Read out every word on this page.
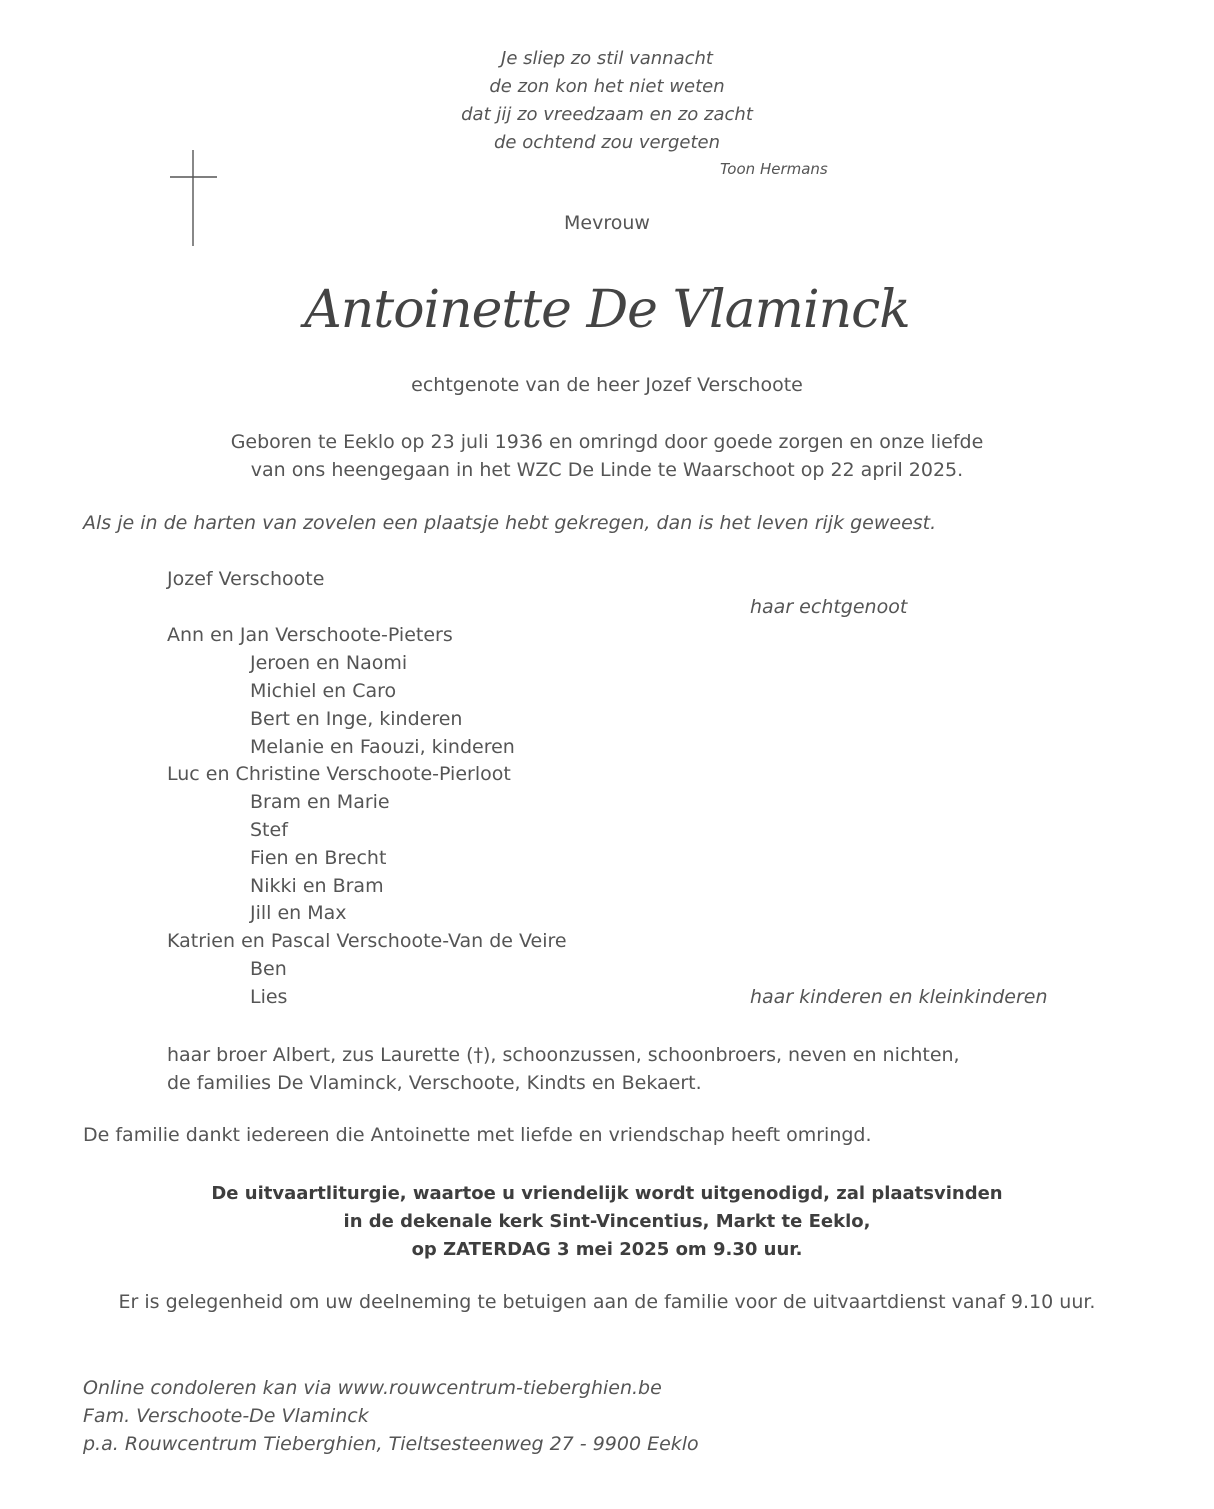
Je sliep zo stil vannacht
de zon kon het niet weten
dat jij zo vreedzaam en zo zacht
de ochtend zou vergeten
Toon Hermans
Mevrouw
Antoinette De Vlaminck
echtgenote van de heer Jozef Verschoote
Geboren te Eeklo op 23 juli 1936 en omringd door goede zorgen en onze liefde
van ons heengegaan in het WZC De Linde te Waarschoot op 22 april 2025.
Als je in de harten van zovelen een plaatsje hebt gekregen, dan is het leven rijk geweest.
Jozef Verschoote
haar echtgenoot
Ann en Jan Verschoote-Pieters
Jeroen en Naomi
Michiel en Caro
Bert en Inge, kinderen
Melanie en Faouzi, kinderen
Luc en Christine Verschoote-Pierloot
Bram en Marie
Stef
Fien en Brecht
Nikki en Bram
Jill en Max
Katrien en Pascal Verschoote-Van de Veire
Ben
Lies	haar kinderen en kleinkinderen
haar broer Albert, zus Laurette (†), schoonzussen, schoonbroers, neven en nichten,
de families De Vlaminck, Verschoote, Kindts en Bekaert.
De familie dankt iedereen die Antoinette met liefde en vriendschap heeft omringd.
De uitvaartliturgie, waartoe u vriendelijk wordt uitgenodigd, zal plaatsvinden
in de dekenale kerk Sint-Vincentius, Markt te Eeklo,
op ZATERDAG 3 mei 2025 om 9.30 uur.
Er is gelegenheid om uw deelneming te betuigen aan de familie voor de uitvaartdienst vanaf 9.10 uur.
Online condoleren kan via www.rouwcentrum-tieberghien.be
Fam. Verschoote-De Vlaminck
p.a. Rouwcentrum Tieberghien, Tieltsesteenweg 27 - 9900 Eeklo
